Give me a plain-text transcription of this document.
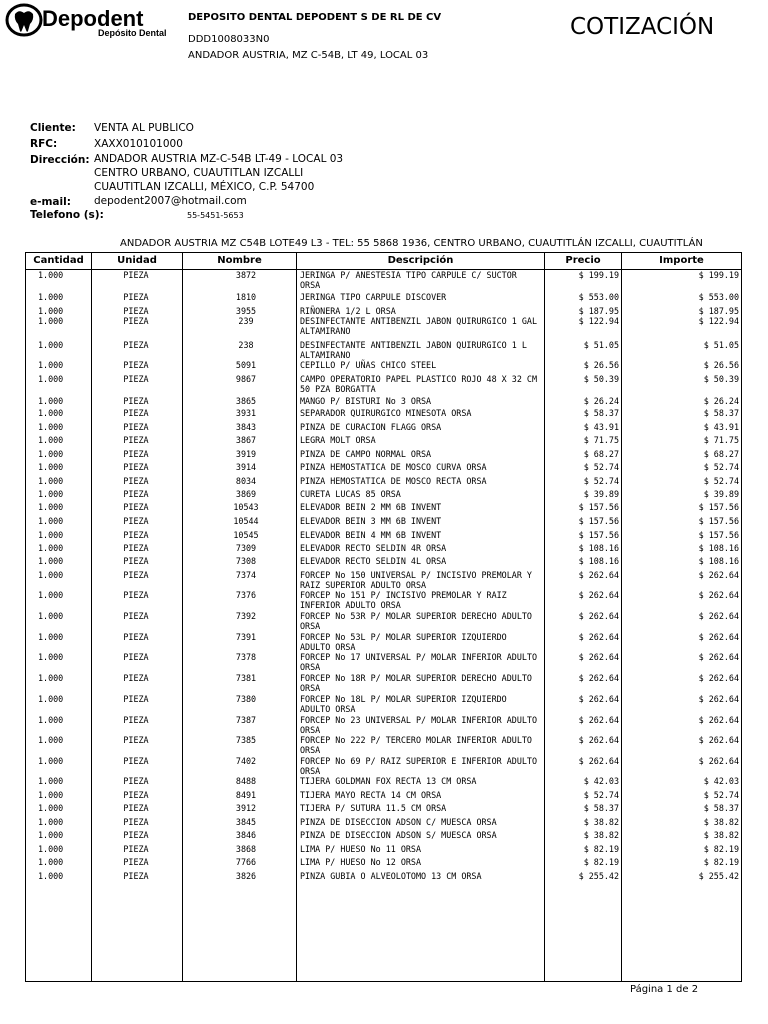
Depodent
Depósito Dental
DEPOSITO DENTAL DEPODENT S DE RL DE CV
DDD1008033N0
ANDADOR AUSTRIA, MZ C-54B, LT 49, LOCAL 03
COTIZACIÓN
Cliente: VENTA AL PUBLICO
RFC:	XAXX010101000
Dirección: ANDADOR AUSTRIA MZ-C-54B LT-49 - LOCAL 03
CENTRO URBANO, CUAUTITLAN IZCALLI
CUAUTITLAN IZCALLI, MÉXICO, C.P. 54700
e-mail: depodent2007@hotmail.com
Telefono (s):	55-5451-5653
ANDADOR AUSTRIA MZ C54B LOTE49 L3 - TEL: 55 5868 1936, CENTRO URBANO, CUAUTITLÁN IZCALLI, CUAUTITLÁN
Cantidad	Unidad	Nombre	Descripción	Precio	Importe
1.000	PIEZA	3872	JERINGA P/ ANESTESIA TIPO CARPULE C/ SUCTOR ORSA
$ 199.19	$ 199.19
1.000	PIEZA	1810	JERINGA TIPO CARPULE DISCOVER	$ 553.00	$ 553.00
1.000	PIEZA	3955	RIÑONERA 1/2 L ORSA	$ 187.95	$ 187.95
1.000	PIEZA	239	DESINFECTANTE ANTIBENZIL JABON QUIRURGICO 1 GAL ALTAMIRANO
$ 122.94	$ 122.94
1.000	PIEZA	238	DESINFECTANTE ANTIBENZIL JABON QUIRURGICO 1 L ALTAMIRANO
$ 51.05	$ 51.05
1.000	PIEZA	5091	CEPILLO P/ UÑAS CHICO STEEL	$ 26.56	$ 26.56
1.000	PIEZA	9867	CAMPO OPERATORIO PAPEL PLASTICO ROJO 48 X 32 CM 50 PZA BORGATTA
$ 50.39	$ 50.39
1.000	PIEZA	3865	MANGO P/ BISTURI No 3 ORSA	$ 26.24	$ 26.24
1.000	PIEZA	3931	SEPARADOR QUIRURGICO MINESOTA ORSA	$ 58.37	$ 58.37
1.000	PIEZA	3843	PINZA DE CURACION FLAGG ORSA	$ 43.91	$ 43.91
1.000	PIEZA	3867	LEGRA MOLT ORSA	$ 71.75	$ 71.75
1.000	PIEZA	3919	PINZA DE CAMPO NORMAL ORSA	$ 68.27	$ 68.27
1.000	PIEZA	3914	PINZA HEMOSTATICA DE MOSCO CURVA ORSA	$ 52.74	$ 52.74
1.000	PIEZA	8034	PINZA HEMOSTATICA DE MOSCO RECTA ORSA	$ 52.74	$ 52.74
1.000	PIEZA	3869	CURETA LUCAS 85 ORSA	$ 39.89	$ 39.89
1.000	PIEZA	10543	ELEVADOR BEIN 2 MM 6B INVENT	$ 157.56	$ 157.56
1.000	PIEZA	10544	ELEVADOR BEIN 3 MM 6B INVENT	$ 157.56	$ 157.56
1.000	PIEZA	10545	ELEVADOR BEIN 4 MM 6B INVENT	$ 157.56	$ 157.56
1.000	PIEZA	7309	ELEVADOR RECTO SELDIN 4R ORSA	$ 108.16	$ 108.16
1.000	PIEZA	7308	ELEVADOR RECTO SELDIN 4L ORSA	$ 108.16	$ 108.16
1.000	PIEZA	7374	FORCEP No 150 UNIVERSAL P/ INCISIVO PREMOLAR Y RAIZ SUPERIOR ADULTO ORSA
$ 262.64	$ 262.64
1.000	PIEZA	7376	FORCEP No 151 P/ INCISIVO PREMOLAR Y RAIZ INFERIOR ADULTO ORSA
$ 262.64	$ 262.64
1.000	PIEZA	7392	FORCEP No 53R P/ MOLAR SUPERIOR DERECHO ADULTO ORSA
$ 262.64	$ 262.64
1.000	PIEZA	7391	FORCEP No 53L P/ MOLAR SUPERIOR IZQUIERDO ADULTO ORSA
$ 262.64	$ 262.64
1.000	PIEZA	7378	FORCEP No 17 UNIVERSAL P/ MOLAR INFERIOR ADULTO ORSA
$ 262.64	$ 262.64
1.000	PIEZA	7381	FORCEP No 18R P/ MOLAR SUPERIOR DERECHO ADULTO ORSA
$ 262.64	$ 262.64
1.000	PIEZA	7380	FORCEP No 18L P/ MOLAR SUPERIOR IZQUIERDO ADULTO ORSA
$ 262.64	$ 262.64
1.000	PIEZA	7387	FORCEP No 23 UNIVERSAL P/ MOLAR INFERIOR ADULTO ORSA
$ 262.64	$ 262.64
1.000	PIEZA	7385	FORCEP No 222 P/ TERCERO MOLAR INFERIOR ADULTO ORSA
$ 262.64	$ 262.64
1.000	PIEZA	7402	FORCEP No 69 P/ RAIZ SUPERIOR E INFERIOR ADULTO ORSA
$ 262.64	$ 262.64
1.000	PIEZA	8488	TIJERA GOLDMAN FOX RECTA 13 CM ORSA	$ 42.03	$ 42.03
1.000	PIEZA	8491	TIJERA MAYO RECTA 14 CM ORSA	$ 52.74	$ 52.74
1.000	PIEZA	3912	TIJERA P/ SUTURA 11.5 CM ORSA	$ 58.37	$ 58.37
1.000	PIEZA	3845	PINZA DE DISECCION ADSON C/ MUESCA ORSA	$ 38.82	$ 38.82
1.000	PIEZA	3846	PINZA DE DISECCION ADSON S/ MUESCA ORSA	$ 38.82	$ 38.82
1.000	PIEZA	3868	LIMA P/ HUESO No 11 ORSA	$ 82.19	$ 82.19
1.000	PIEZA	7766	LIMA P/ HUESO No 12 ORSA	$ 82.19	$ 82.19
1.000	PIEZA	3826	PINZA GUBIA O ALVEOLOTOMO 13 CM ORSA	$ 255.42	$ 255.42
Página 1 de 2
